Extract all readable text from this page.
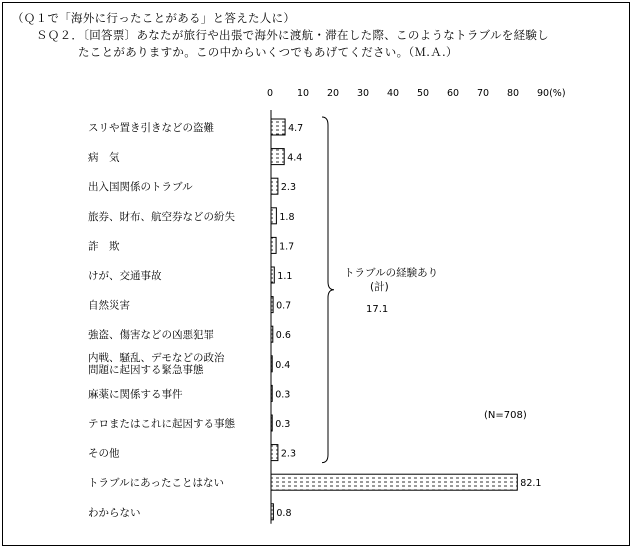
（Ｑ１で「海外に行ったことがある」と答えた人に）
ＳＱ２．〔回答票〕あなたが旅行や出張で海外に渡航・滞在した際、このようなトラブルを経験し
たことがありますか。この中からいくつでもあげてください。（Ｍ.Ａ.）
0	10 20 30 40 50 60 70 80 90(%)
スリや置き引きなどの盗難
病　気
出入国関係のトラブル
旅券、財布、航空券などの紛失
詐　欺
けが、交通事故
自然災害
強盗、傷害などの凶悪犯罪
内戦、騒乱、デモなどの政治
問題に起因する緊急事態
麻薬に関係する事件
テロまたはこれに起因する事態
その他
トラブルにあったことはない
わからない
4.7
4.4
2.3
1.8
1.7
1.1
0.7
0.6
0.4
0.3
0.3
2.3
82.1
0.8
トラブルの経験あり
(計)
17.1
(N=708)
